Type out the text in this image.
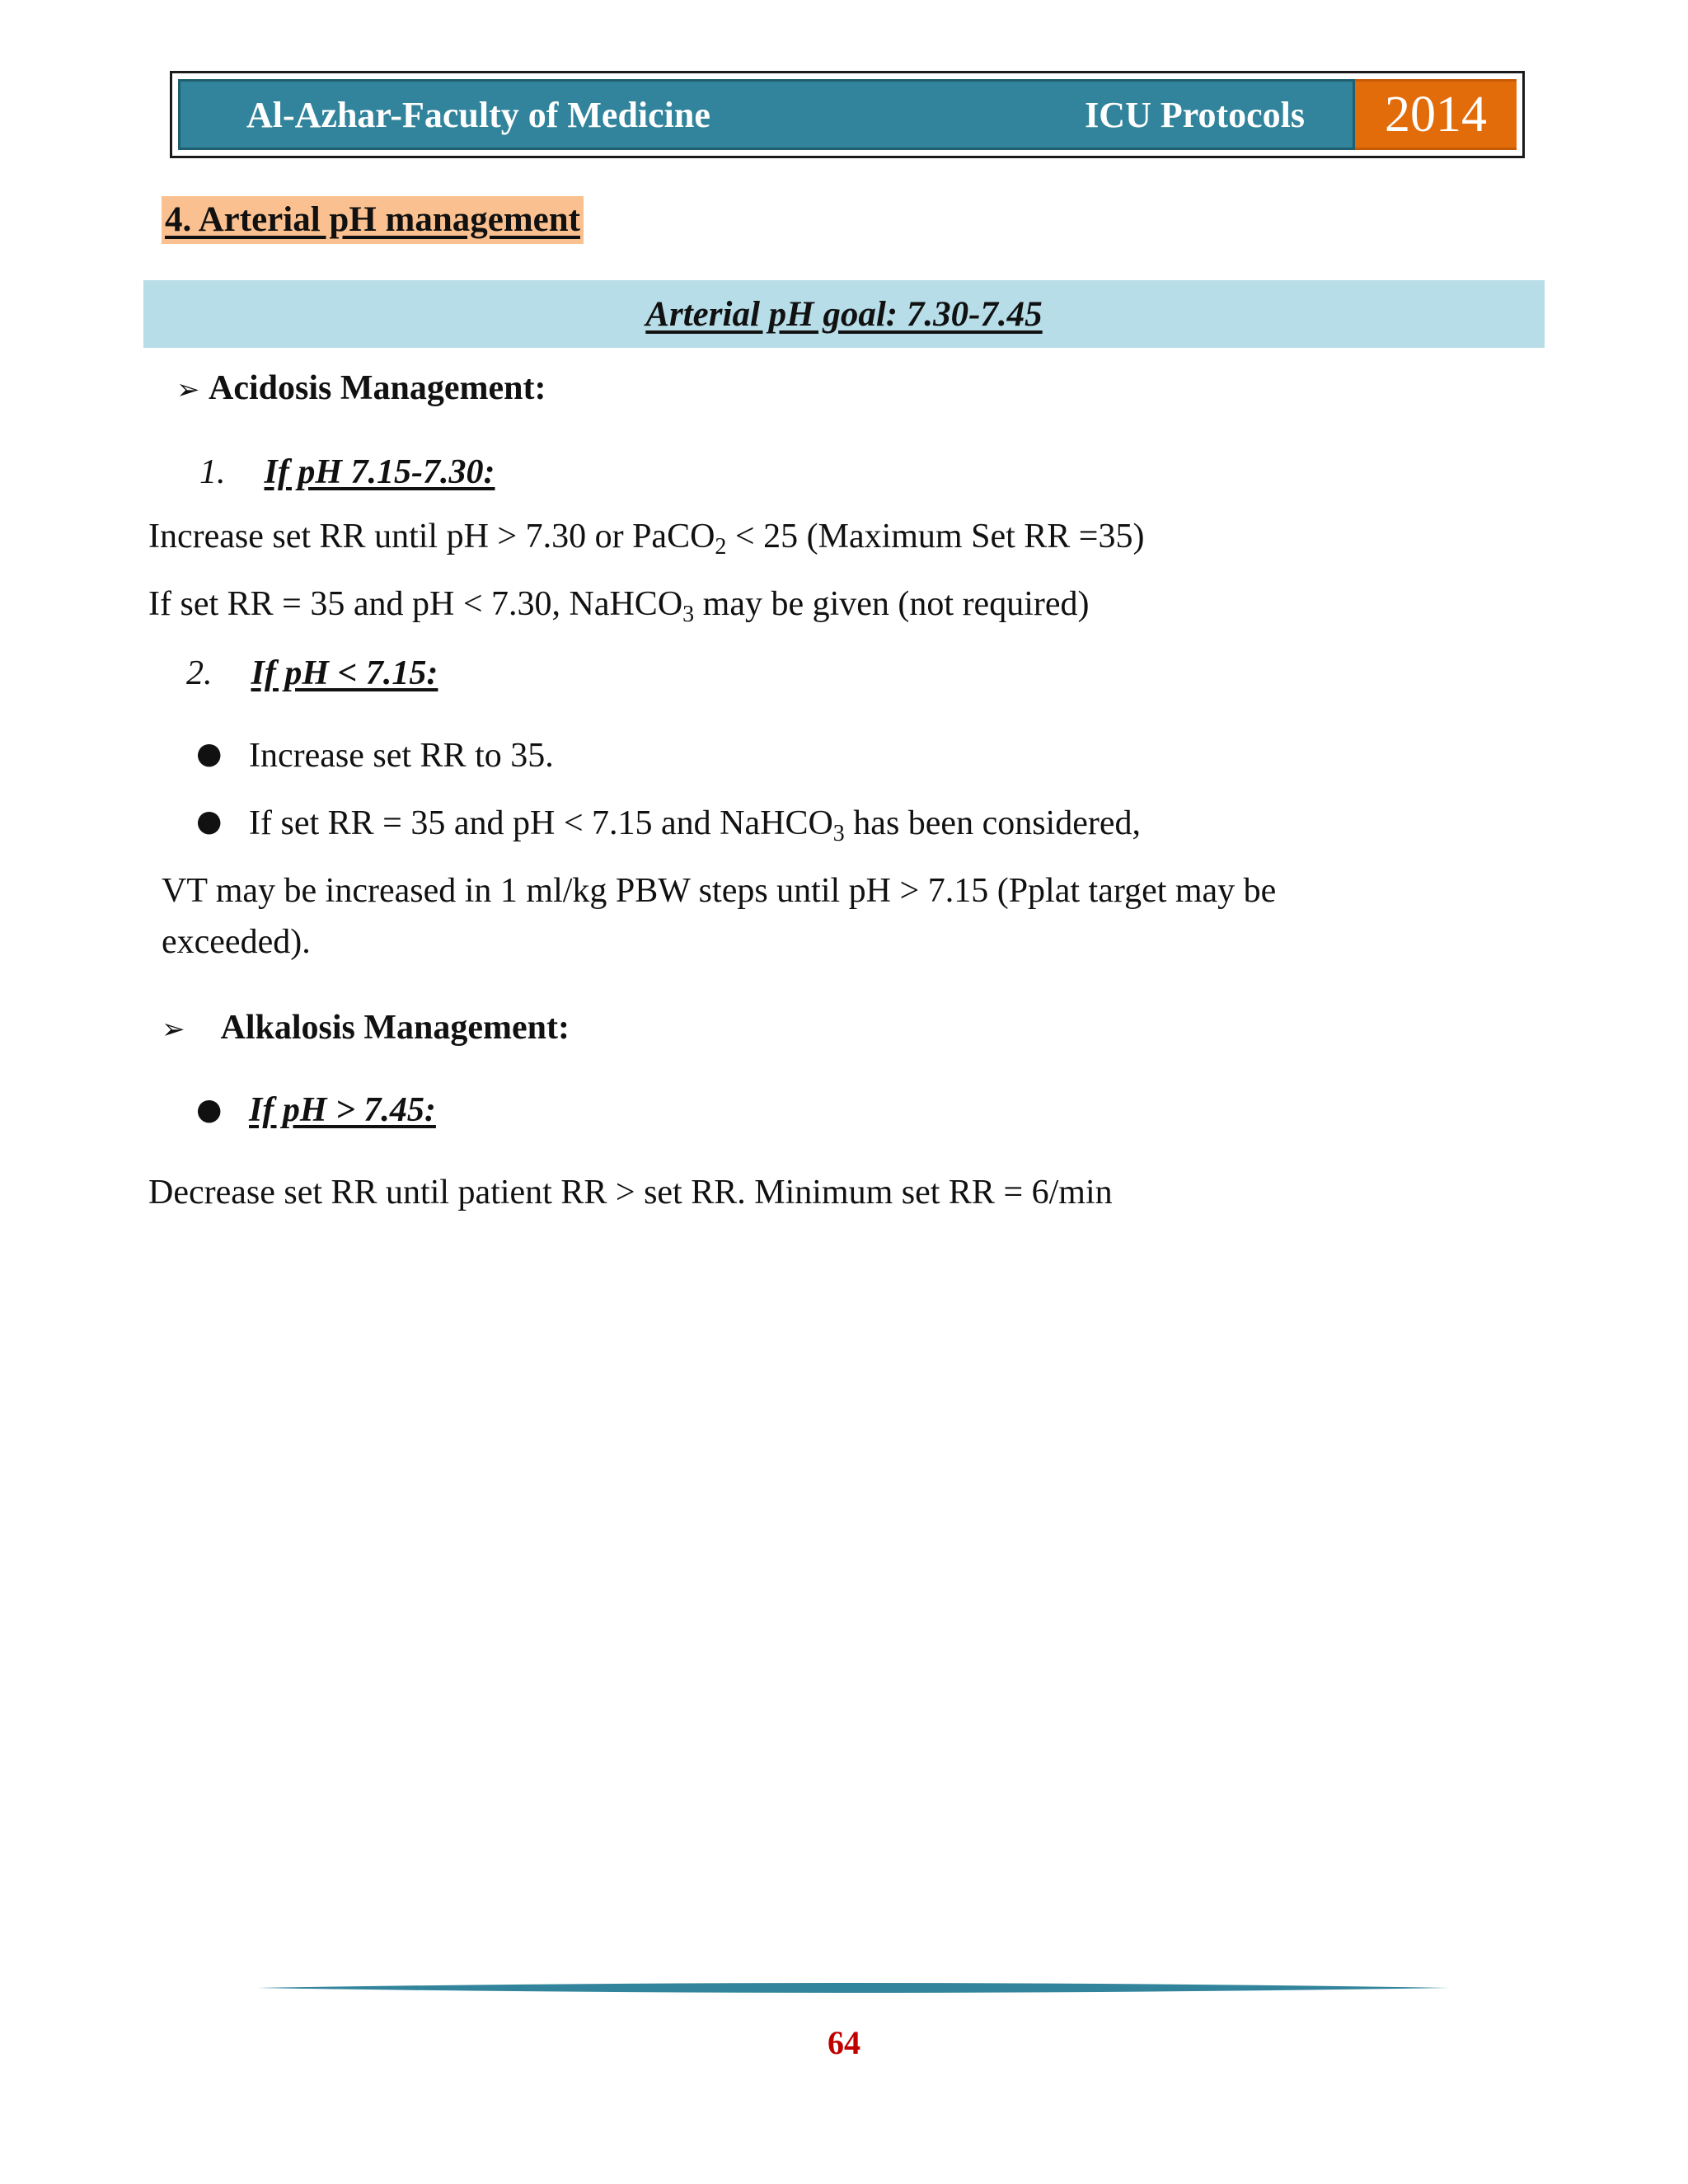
Al-Azhar-Faculty of Medicine	ICU Protocols	2014
4. Arterial pH management
Arterial pH goal: 7.30-7.45
➢ Acidosis Management:
1. If pH 7.15-7.30:
Increase set RR until pH > 7.30 or PaCO$_2$ < 25 (Maximum Set RR =35)
If set RR = 35 and pH < 7.30, NaHCO$_3$ may be given (not required)
2. If pH < 7.15:
● Increase set RR to 35.
● If set RR = 35 and pH < 7.15 and NaHCO$_3$ has been considered,
VT may be increased in 1 ml/kg PBW steps until pH > 7.15 (Pplat target may be
exceeded).
➢ Alkalosis Management:
● If pH > 7.45:
Decrease set RR until patient RR > set RR. Minimum set RR = 6/min
64
